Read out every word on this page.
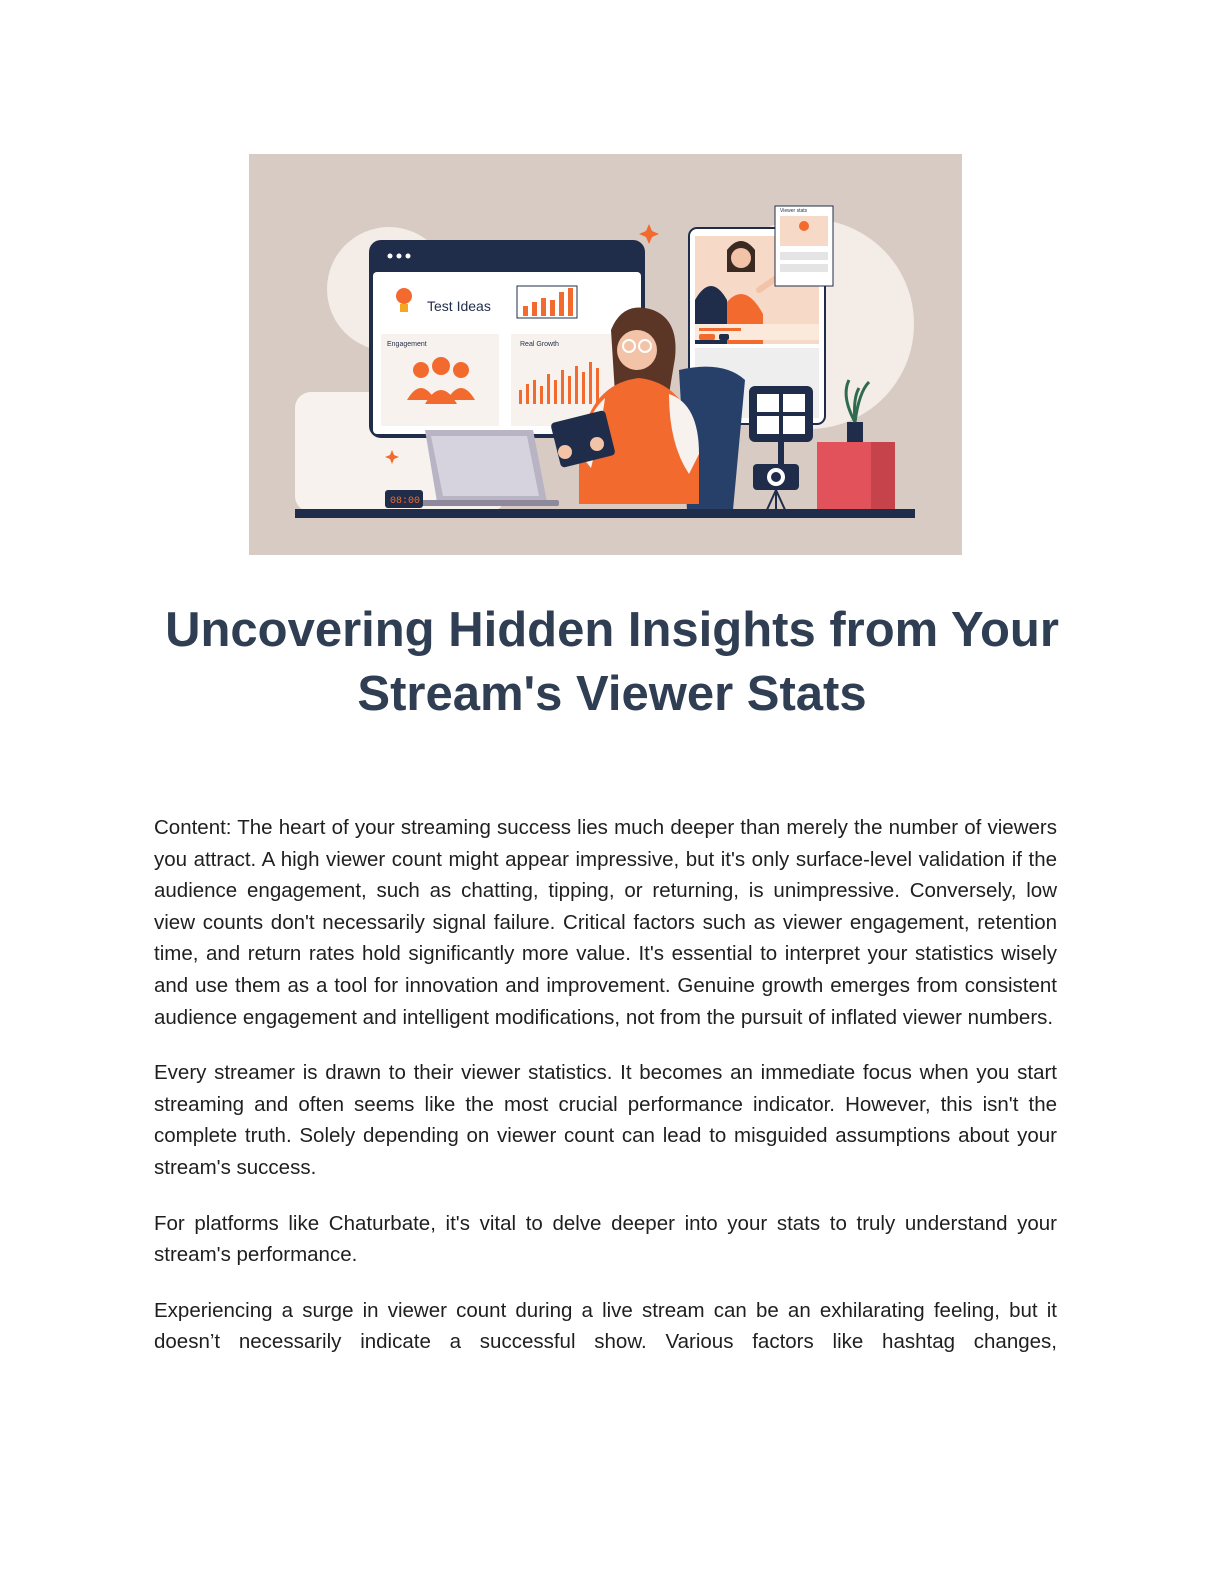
Test Ideas
Engagement	Real Growth
Viewer stats
08:00
Uncovering Hidden Insights from Your
Stream's Viewer Stats

Content: The heart of your streaming success lies much deeper than merely the number of viewers you attract. A high viewer count might appear impressive, but it's only surface-level validation if the audience engagement, such as chatting, tipping, or returning, is unimpressive. Conversely, low view counts don't necessarily signal failure. Critical factors such as viewer engagement, retention time, and return rates hold significantly more value. It's essential to interpret your statistics wisely and use them as a tool for innovation and improvement. Genuine growth emerges from consistent audience engagement and intelligent modifications, not from the pursuit of inflated viewer numbers.

Every streamer is drawn to their viewer statistics. It becomes an immediate focus when you start streaming and often seems like the most crucial performance indicator. However, this isn't the complete truth. Solely depending on viewer count can lead to misguided assumptions about your stream's success.

For platforms like Chaturbate, it's vital to delve deeper into your stats to truly understand your stream's performance.

Experiencing a surge in viewer count during a live stream can be an exhilarating feeling, but it doesn’t necessarily indicate a successful show. Various factors like hashtag changes,
